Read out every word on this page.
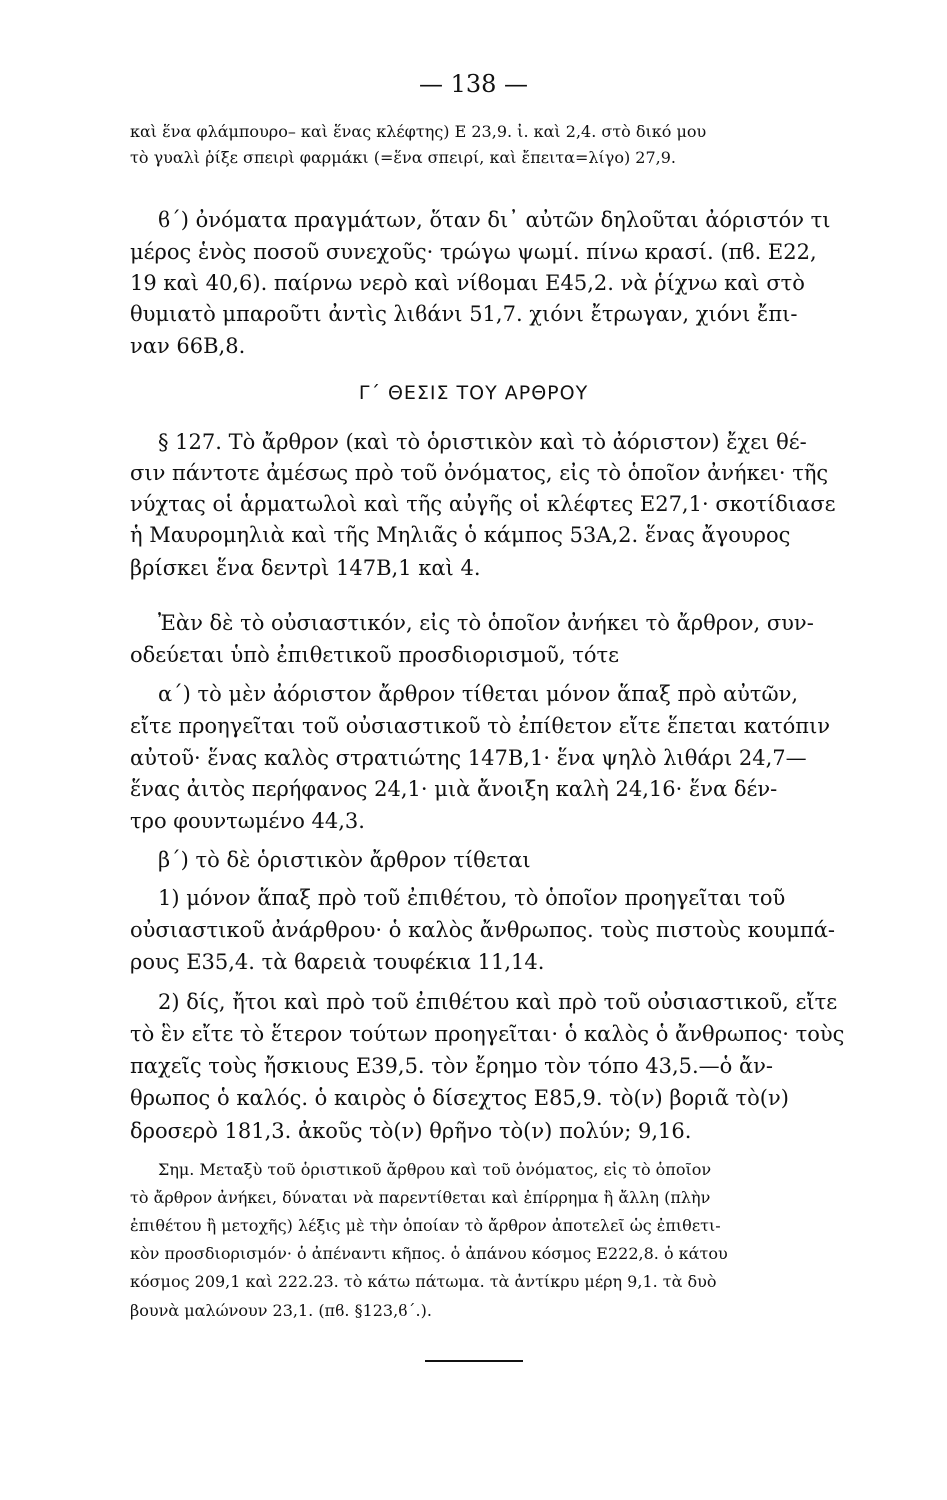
— 138 —
καὶ ἕνα φλάμπουρο– καὶ ἕνας κλέφτης) Ε 23,9. ἰ. καὶ 2,4. στὸ δικό μου
τὸ γυαλὶ ῥίξε σπειρὶ φαρμάκι (=ἕνα σπειρί, καὶ ἔπειτα=λίγο) 27,9.
ϐ΄) ὀνόματα πραγμάτων, ὅταν δι᾽ αὐτῶν δηλοῦται ἀόριστόν τι
μέρος ἑνὸς ποσοῦ συνεχοῦς· τρώγω ψωμί. πίνω κρασί. (πϐ. Ε22,
19 καὶ 40,6). παίρνω νερὸ καὶ νίϐομαι Ε45,2. νὰ ῥίχνω καὶ στὸ
θυμιατὸ μπαροῦτι ἀντὶς λιϐάνι 51,7. χιόνι ἔτρωγαν, χιόνι ἔπι-
ναν 66Β,8.
Γ΄ ΘΕΣΙΣ ΤΟΥ ΑΡΘΡΟΥ
§ 127. Τὸ ἄρθρον (καὶ τὸ ὁριστικὸν καὶ τὸ ἀόριστον) ἔχει θέ-
σιν πάντοτε ἀμέσως πρὸ τοῦ ὀνόματος, εἰς τὸ ὁποῖον ἀνήκει· τῆς
νύχτας οἱ ἁρματωλοὶ καὶ τῆς αὐγῆς οἱ κλέφτες Ε27,1· σκοτίδιασε
ἡ Μαυρομηλιὰ καὶ τῆς Μηλιᾶς ὁ κάμπος 53Α,2. ἕνας ἄγουρος
βρίσκει ἕνα δεντρὶ 147Β,1 καὶ 4.
Ἐὰν δὲ τὸ οὐσιαστικόν, εἰς τὸ ὁποῖον ἀνήκει τὸ ἄρθρον, συν-
οδεύεται ὑπὸ ἐπιθετικοῦ προσδιορισμοῦ, τότε
α΄) τὸ μὲν ἀόριστον ἄρθρον τίθεται μόνον ἅπαξ πρὸ αὐτῶν,
εἴτε προηγεῖται τοῦ οὐσιαστικοῦ τὸ ἐπίθετον εἴτε ἕπεται κατόπιν
αὐτοῦ· ἕνας καλὸς στρατιώτης 147Β,1· ἕνα ψηλὸ λιθάρι 24,7—
ἕνας ἀιτὸς περήφανος 24,1· μιὰ ἄνοιξη καλὴ 24,16· ἕνα δέν-
τρο φουντωμένο 44,3.
β΄) τὸ δὲ ὁριστικὸν ἄρθρον τίθεται
1) μόνον ἅπαξ πρὸ τοῦ ἐπιθέτου, τὸ ὁποῖον προηγεῖται τοῦ
οὐσιαστικοῦ ἀνάρθρου· ὁ καλὸς ἄνθρωπος. τοὺς πιστοὺς κουμπά-
ρους Ε35,4. τὰ ϐαρειὰ τουφέκια 11,14.
2) δίς, ἤτοι καὶ πρὸ τοῦ ἐπιθέτου καὶ πρὸ τοῦ οὐσιαστικοῦ, εἴτε
τὸ ἓν εἴτε τὸ ἕτερον τούτων προηγεῖται· ὁ καλὸς ὁ ἄνθρωπος· τοὺς
παχεῖς τοὺς ἤσκιους Ε39,5. τὸν ἔρημο τὸν τόπο 43,5.—ὁ ἄν-
θρωπος ὁ καλός. ὁ καιρὸς ὁ δίσεχτος Ε85,9. τὸ(ν) βοριᾶ τὸ(ν)
δροσερὸ 181,3. ἀκοῦς τὸ(ν) θρῆνο τὸ(ν) πολύν; 9,16.
Σημ. Μεταξὺ τοῦ ὁριστικοῦ ἄρθρου καὶ τοῦ ὀνόματος, εἰς τὸ ὁποῖον
τὸ ἄρθρον ἀνήκει, δύναται νὰ παρεντίθεται καὶ ἐπίρρημα ἢ ἄλλη (πλὴν
ἐπιθέτου ἢ μετοχῆς) λέξις μὲ τὴν ὁποίαν τὸ ἄρθρον ἀποτελεῖ ὡς ἐπιθετι-
κὸν προσδιορισμόν· ὁ ἀπέναντι κῆπος. ὁ ἀπάνου κόσμος Ε222,8. ὁ κάτου
κόσμος 209,1 καὶ 222.23. τὸ κάτω πάτωμα. τὰ ἀντίκρυ μέρη 9,1. τὰ δυὸ
βουνὰ μαλώνουν 23,1. (πϐ. §123,ϐ΄.).
